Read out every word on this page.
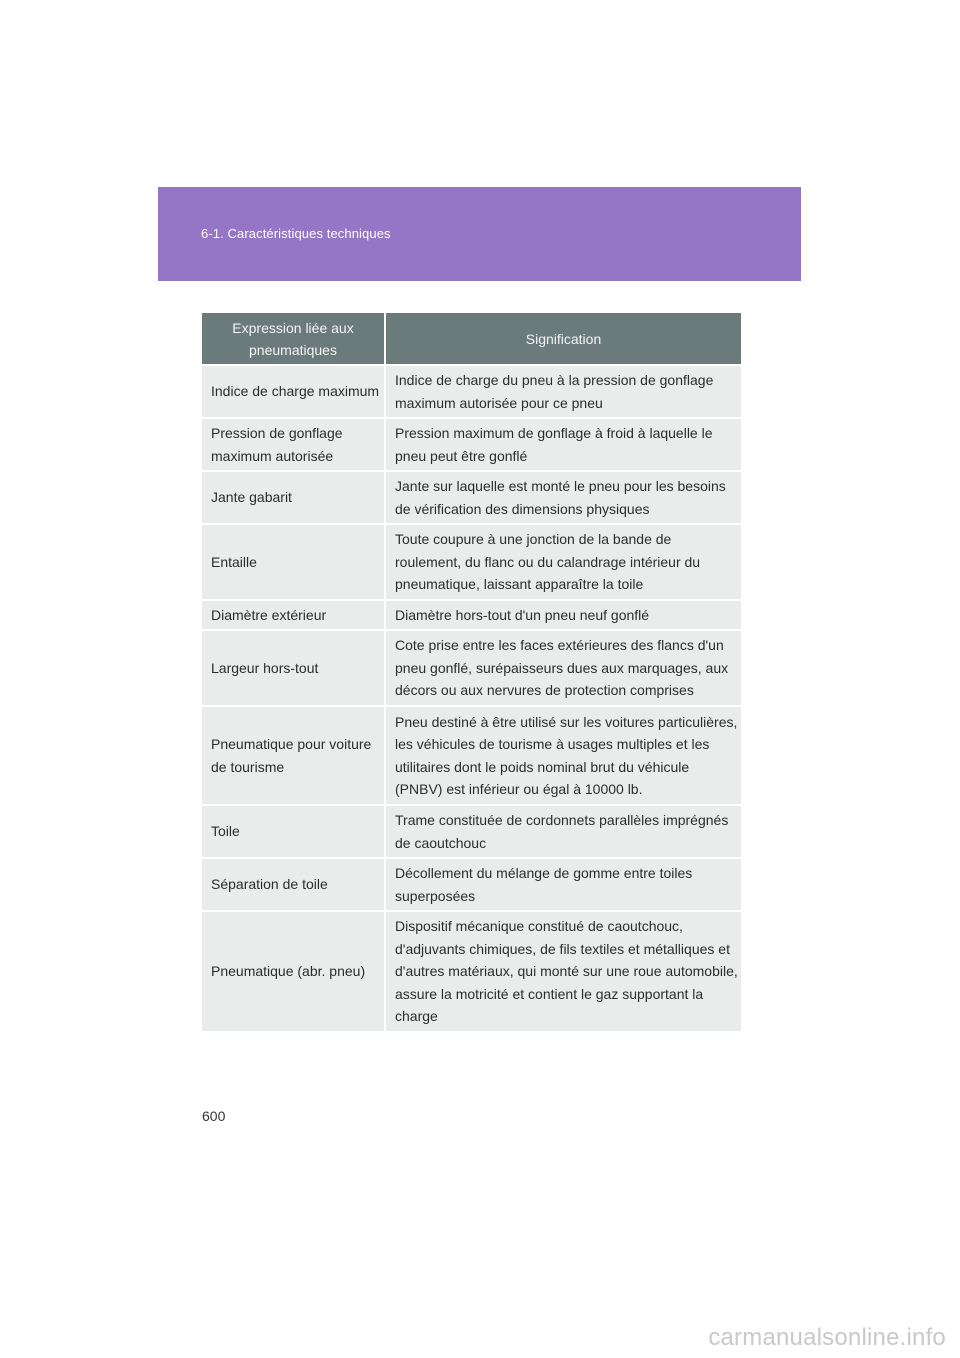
6-1. Caractéristiques techniques
Expression liée aux pneumatiques	Signification
Indice de charge maximum	Indice de charge du pneu à la pression de gonflage maximum autorisée pour ce pneu
Pression de gonflage maximum autorisée	Pression maximum de gonflage à froid à laquelle le pneu peut être gonflé
Jante gabarit	Jante sur laquelle est monté le pneu pour les besoins de vérification des dimensions physiques
Entaille	Toute coupure à une jonction de la bande de roulement, du flanc ou du calandrage intérieur du pneumatique, laissant apparaître la toile
Diamètre extérieur	Diamètre hors-tout d'un pneu neuf gonflé
Largeur hors-tout	Cote prise entre les faces extérieures des flancs d'un pneu gonflé, surépaisseurs dues aux marquages, aux décors ou aux nervures de protection comprises
Pneumatique pour voiture de tourisme	Pneu destiné à être utilisé sur les voitures particulières, les véhicules de tourisme à usages multiples et les utilitaires dont le poids nominal brut du véhicule (PNBV) est inférieur ou égal à 10000 lb.
Toile	Trame constituée de cordonnets parallèles imprégnés de caoutchouc
Séparation de toile	Décollement du mélange de gomme entre toiles superposées
Pneumatique (abr. pneu)	Dispositif mécanique constitué de caoutchouc, d'adjuvants chimiques, de fils textiles et métalliques et d'autres matériaux, qui monté sur une roue automobile, assure la motricité et contient le gaz supportant la charge
600
carmanualsonline.info
